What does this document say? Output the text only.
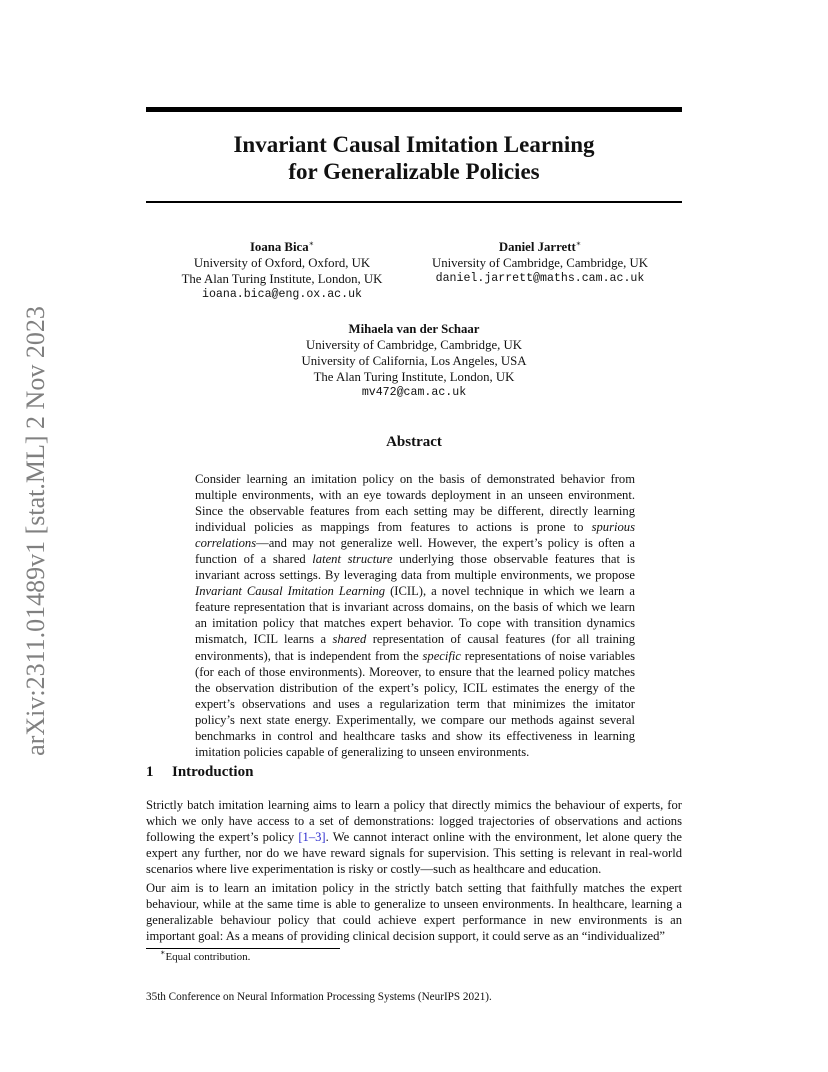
arXiv:2311.01489v1 [stat.ML] 2 Nov 2023
Invariant Causal Imitation Learning
for Generalizable Policies
Ioana Bica∗
University of Oxford, Oxford, UK
The Alan Turing Institute, London, UK
ioana.bica@eng.ox.ac.uk
Daniel Jarrett∗
University of Cambridge, Cambridge, UK
daniel.jarrett@maths.cam.ac.uk
Mihaela van der Schaar
University of Cambridge, Cambridge, UK
University of California, Los Angeles, USA
The Alan Turing Institute, London, UK
mv472@cam.ac.uk
Abstract

Consider learning an imitation policy on the basis of demonstrated behavior from multiple environments, with an eye towards deployment in an unseen environment. Since the observable features from each setting may be different, directly learning individual policies as mappings from features to actions is prone to spurious correlations—and may not generalize well. However, the expert’s policy is often a function of a shared latent structure underlying those observable features that is invariant across settings. By leveraging data from multiple environments, we propose Invariant Causal Imitation Learning (ICIL), a novel technique in which we learn a feature representation that is invariant across domains, on the basis of which we learn an imitation policy that matches expert behavior. To cope with transition dynamics mismatch, ICIL learns a shared representation of causal features (for all training environments), that is independent from the specific representations of noise variables (for each of those environments). Moreover, to ensure that the learned policy matches the observation distribution of the expert’s policy, ICIL estimates the energy of the expert’s observations and uses a regularization term that minimizes the imitator policy’s next state energy. Experimentally, we compare our methods against several benchmarks in control and healthcare tasks and show its effectiveness in learning imitation policies capable of generalizing to unseen environments.

1 Introduction

Strictly batch imitation learning aims to learn a policy that directly mimics the behaviour of experts, for which we only have access to a set of demonstrations: logged trajectories of observations and actions following the expert’s policy [1–3]. We cannot interact online with the environment, let alone query the expert any further, nor do we have reward signals for supervision. This setting is relevant in real-world scenarios where live experimentation is risky or costly—such as healthcare and education.

Our aim is to learn an imitation policy in the strictly batch setting that faithfully matches the expert behaviour, while at the same time is able to generalize to unseen environments. In healthcare, learning a generalizable behaviour policy that could achieve expert performance in new environments is an important goal: As a means of providing clinical decision support, it could serve as an “individualized”

∗Equal contribution.
35th Conference on Neural Information Processing Systems (NeurIPS 2021).
